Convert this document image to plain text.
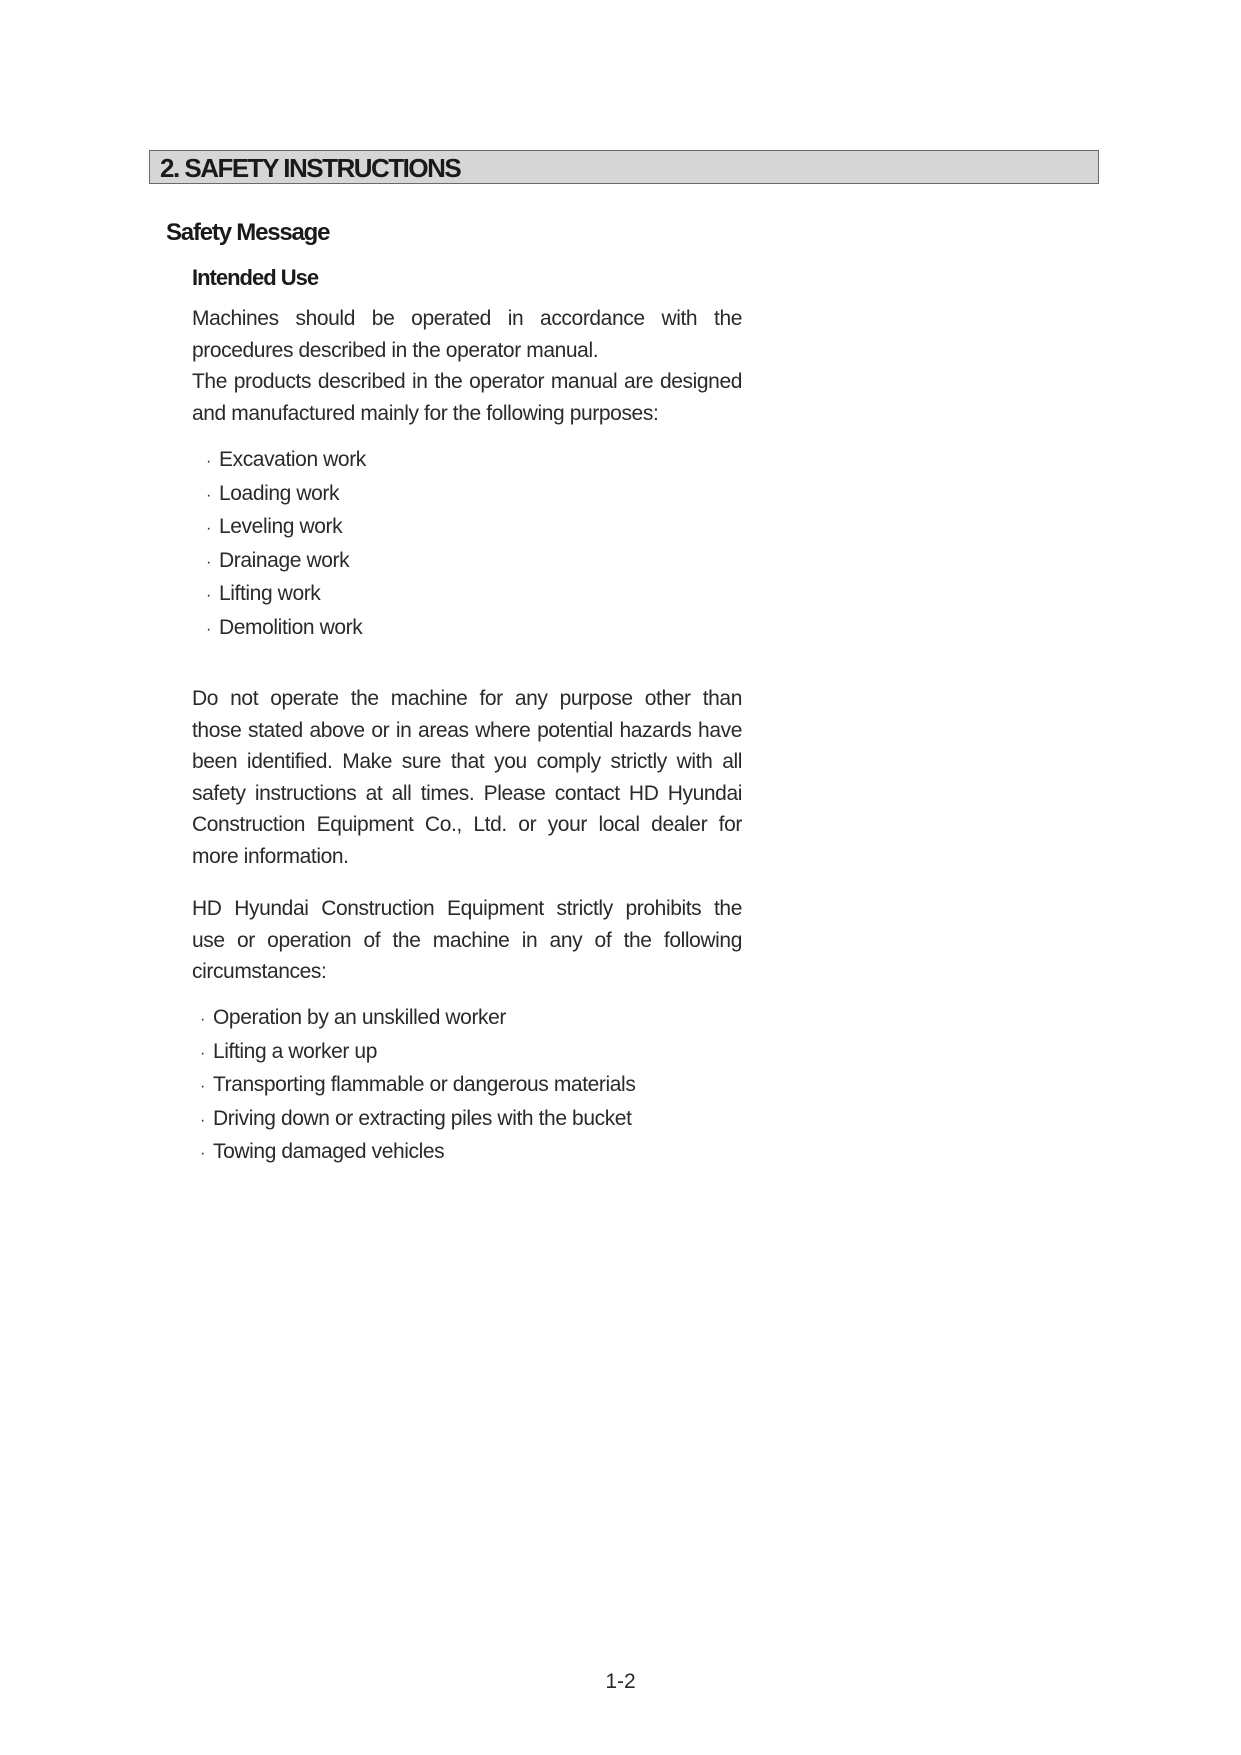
2. SAFETY INSTRUCTIONS
Safety Message
Intended Use

Machines should be operated in accordance with the
procedures described in the operator manual.
The products described in the operator manual are designed
and manufactured mainly for the following purposes:

· Excavation work
· Loading work
· Leveling work
· Drainage work
· Lifting work
· Demolition work

Do not operate the machine for any purpose other than
those stated above or in areas where potential hazards have
been identified. Make sure that you comply strictly with all
safety instructions at all times. Please contact HD Hyundai
Construction Equipment Co., Ltd. or your local dealer for
more information.

HD Hyundai Construction Equipment strictly prohibits the
use or operation of the machine in any of the following
circumstances:

· Operation by an unskilled worker
· Lifting a worker up
· Transporting flammable or dangerous materials
· Driving down or extracting piles with the bucket
· Towing damaged vehicles
1-2
